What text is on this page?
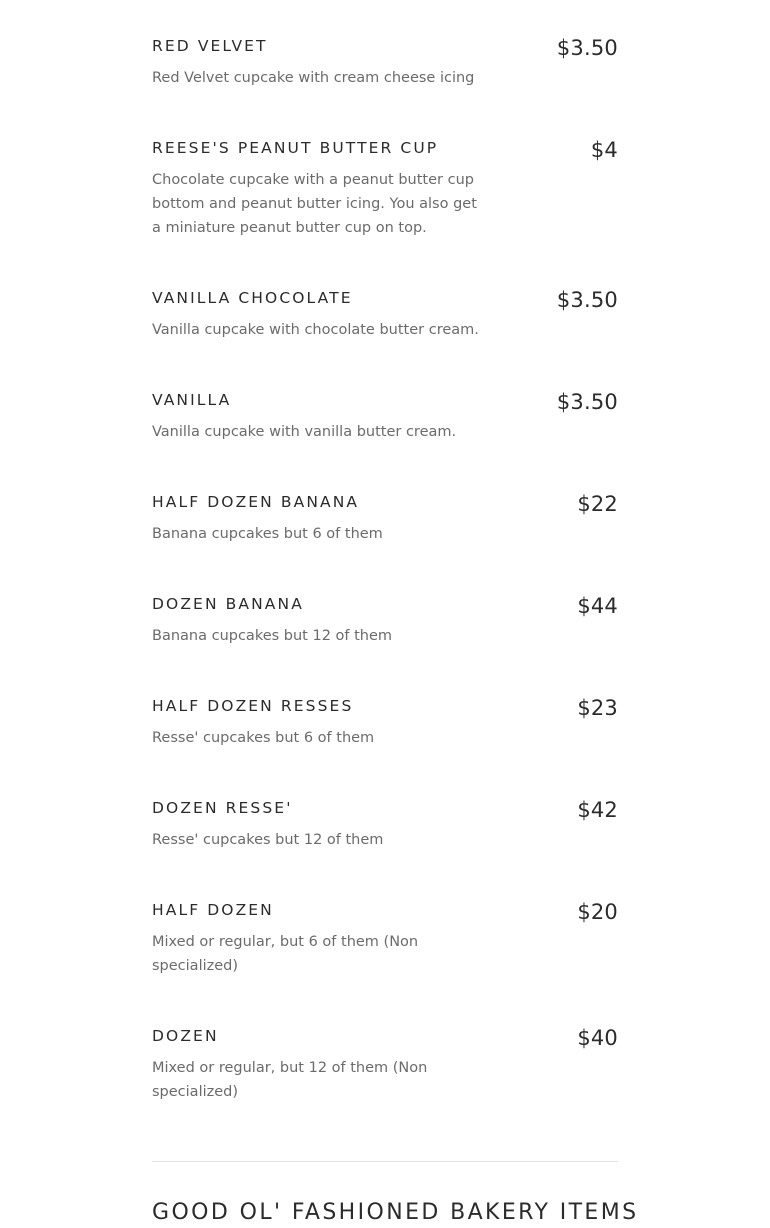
RED VELVET	$3.50
Red Velvet cupcake with cream cheese icing
REESE'S PEANUT BUTTER CUP	$4
Chocolate cupcake with a peanut butter cup bottom and peanut butter icing. You also get a miniature peanut butter cup on top.
VANILLA CHOCOLATE	$3.50
Vanilla cupcake with chocolate butter cream.
VANILLA	$3.50
Vanilla cupcake with vanilla butter cream.
HALF DOZEN BANANA	$22
Banana cupcakes but 6 of them
DOZEN BANANA	$44
Banana cupcakes but 12 of them
HALF DOZEN RESSES	$23
Resse' cupcakes but 6 of them
DOZEN RESSE'	$42
Resse' cupcakes but 12 of them
HALF DOZEN	$20
Mixed or regular, but 6 of them (Non specialized)
DOZEN	$40
Mixed or regular, but 12 of them (Non specialized)
GOOD OL' FASHIONED BAKERY ITEMS
